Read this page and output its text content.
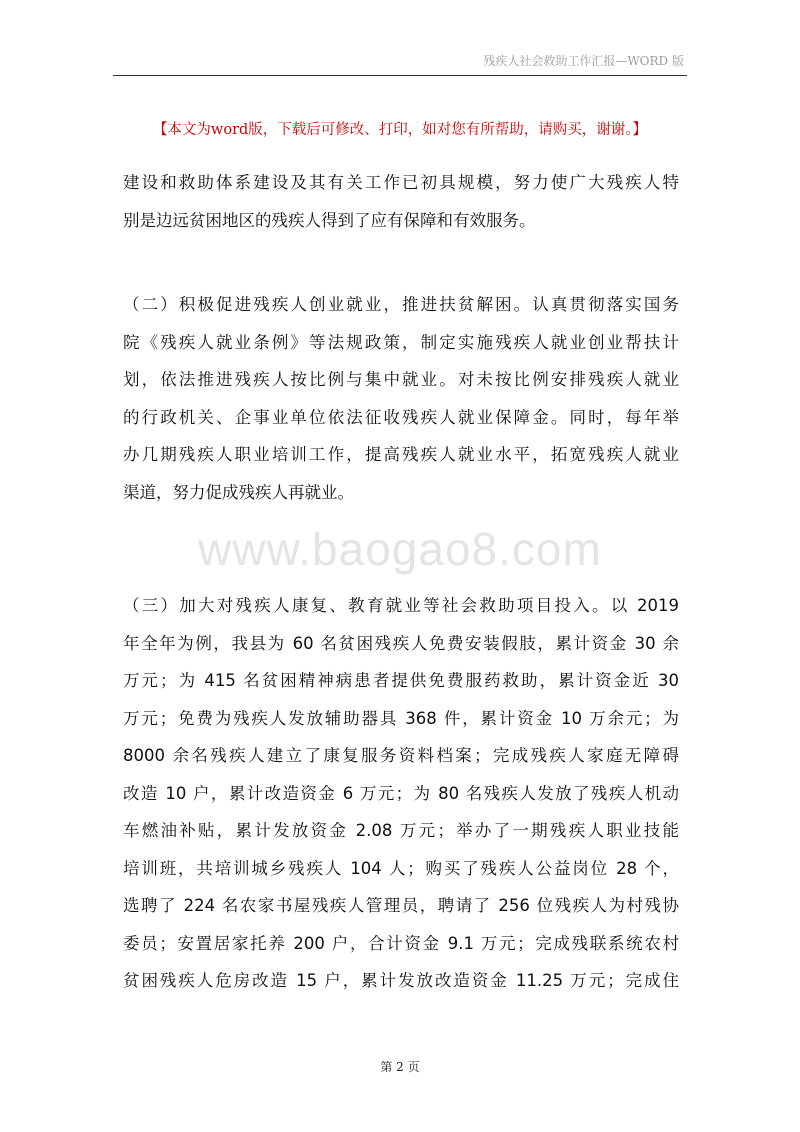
残疾人社会救助工作汇报—WORD 版
【本文为word版，下载后可修改、打印，如对您有所帮助，请购买，谢谢。】
www.baogao8.com
建设和救助体系建设及其有关工作已初具规模，努力使广大残疾人特
别是边远贫困地区的残疾人得到了应有保障和有效服务。
（二）积极促进残疾人创业就业，推进扶贫解困。认真贯彻落实国务
院《残疾人就业条例》等法规政策，制定实施残疾人就业创业帮扶计
划，依法推进残疾人按比例与集中就业。对未按比例安排残疾人就业
的行政机关、企事业单位依法征收残疾人就业保障金。同时，每年举
办几期残疾人职业培训工作，提高残疾人就业水平，拓宽残疾人就业
渠道，努力促成残疾人再就业。
（三）加大对残疾人康复、教育就业等社会救助项目投入。以 2019
年全年为例，我县为 60 名贫困残疾人免费安装假肢，累计资金 30 余
万元；为 415 名贫困精神病患者提供免费服药救助，累计资金近 30
万元；免费为残疾人发放辅助器具 368 件，累计资金 10 万余元；为
8000 余名残疾人建立了康复服务资料档案；完成残疾人家庭无障碍
改造 10 户，累计改造资金 6 万元；为 80 名残疾人发放了残疾人机动
车燃油补贴，累计发放资金 2.08 万元；举办了一期残疾人职业技能
培训班，共培训城乡残疾人 104 人；购买了残疾人公益岗位 28 个，
选聘了 224 名农家书屋残疾人管理员，聘请了 256 位残疾人为村残协
委员；安置居家托养 200 户，合计资金 9.1 万元；完成残联系统农村
贫困残疾人危房改造 15 户，累计发放改造资金 11.25 万元；完成住
第 2 页
